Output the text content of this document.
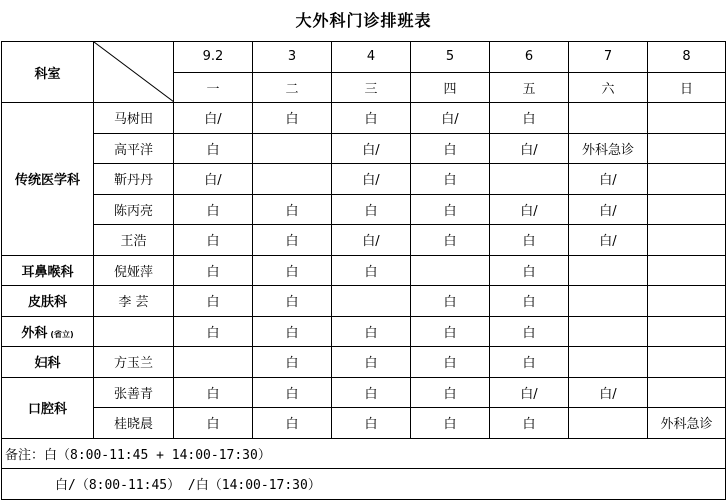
大外科门诊排班表
科室		9.2	3	4	5	6	7	8
		一	二	三	四	五	六	日
传统医学科	马树田	白/	白	白	白/	白		
	高平洋	白		白/	白	白/	外科急诊	
	靳丹丹	白/		白/	白		白/	
	陈丙亮	白	白	白	白	白/	白/	
	王浩	白	白	白/	白	白	白/	
耳鼻喉科	倪娅萍	白	白	白		白		
皮肤科	李 芸	白	白		白	白		
外科 (省立)		白	白	白	白	白		
妇科	方玉兰		白	白	白	白		
口腔科	张善青	白	白	白	白	白/	白/	
	桂晓晨	白	白	白	白	白		外科急诊
备注：白（8:00-11:45 + 14:00-17:30）								
白/（8:00-11:45） /白（14:00-17:30）								
